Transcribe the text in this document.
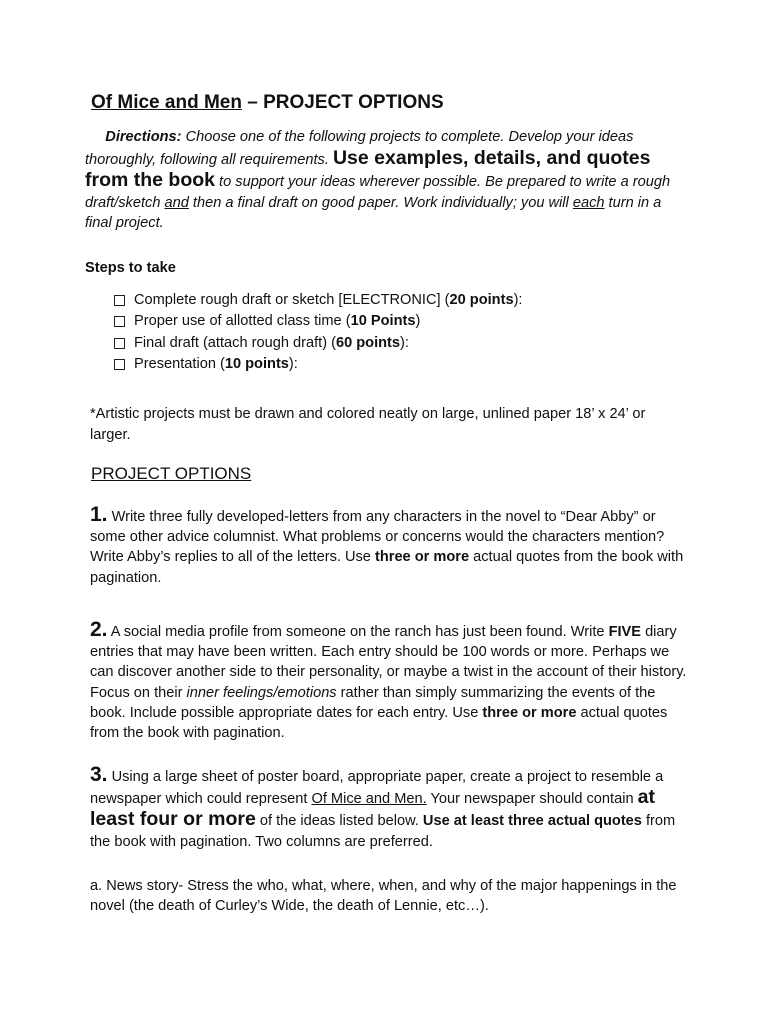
Of Mice and Men – PROJECT OPTIONS
Directions: Choose one of the following projects to complete. Develop your ideas thoroughly, following all requirements. Use examples, details, and quotes from the book to support your ideas wherever possible. Be prepared to write a rough draft/sketch and then a final draft on good paper. Work individually; you will each turn in a final project.
Steps to take
Complete rough draft or sketch [ELECTRONIC] ( 20 points ):
Proper use of allotted class time ( 10 Points )
Final draft (attach rough draft) ( 60 points ):
Presentation ( 10 points ):
*Artistic projects must be drawn and colored neatly on large, unlined paper 18’ x 24’ or larger.
PROJECT OPTIONS
1. Write three fully developed-letters from any characters in the novel to “Dear Abby” or some other advice columnist. What problems or concerns would the characters mention? Write Abby’s replies to all of the letters. Use three or more actual quotes from the book with pagination.
2. A social media profile from someone on the ranch has just been found. Write FIVE diary entries that may have been written. Each entry should be 100 words or more. Perhaps we can discover another side to their personality, or maybe a twist in the account of their history. Focus on their inner feelings/emotions rather than simply summarizing the events of the book. Include possible appropriate dates for each entry. Use three or more actual quotes from the book with pagination.
3. Using a large sheet of poster board, appropriate paper, create a project to resemble a newspaper which could represent Of Mice and Men. Your newspaper should contain at least four or more of the ideas listed below. Use at least three actual quotes from the book with pagination. Two columns are preferred.
a. News story- Stress the who, what, where, when, and why of the major happenings in the novel (the death of Curley’s Wide, the death of Lennie, etc…).
